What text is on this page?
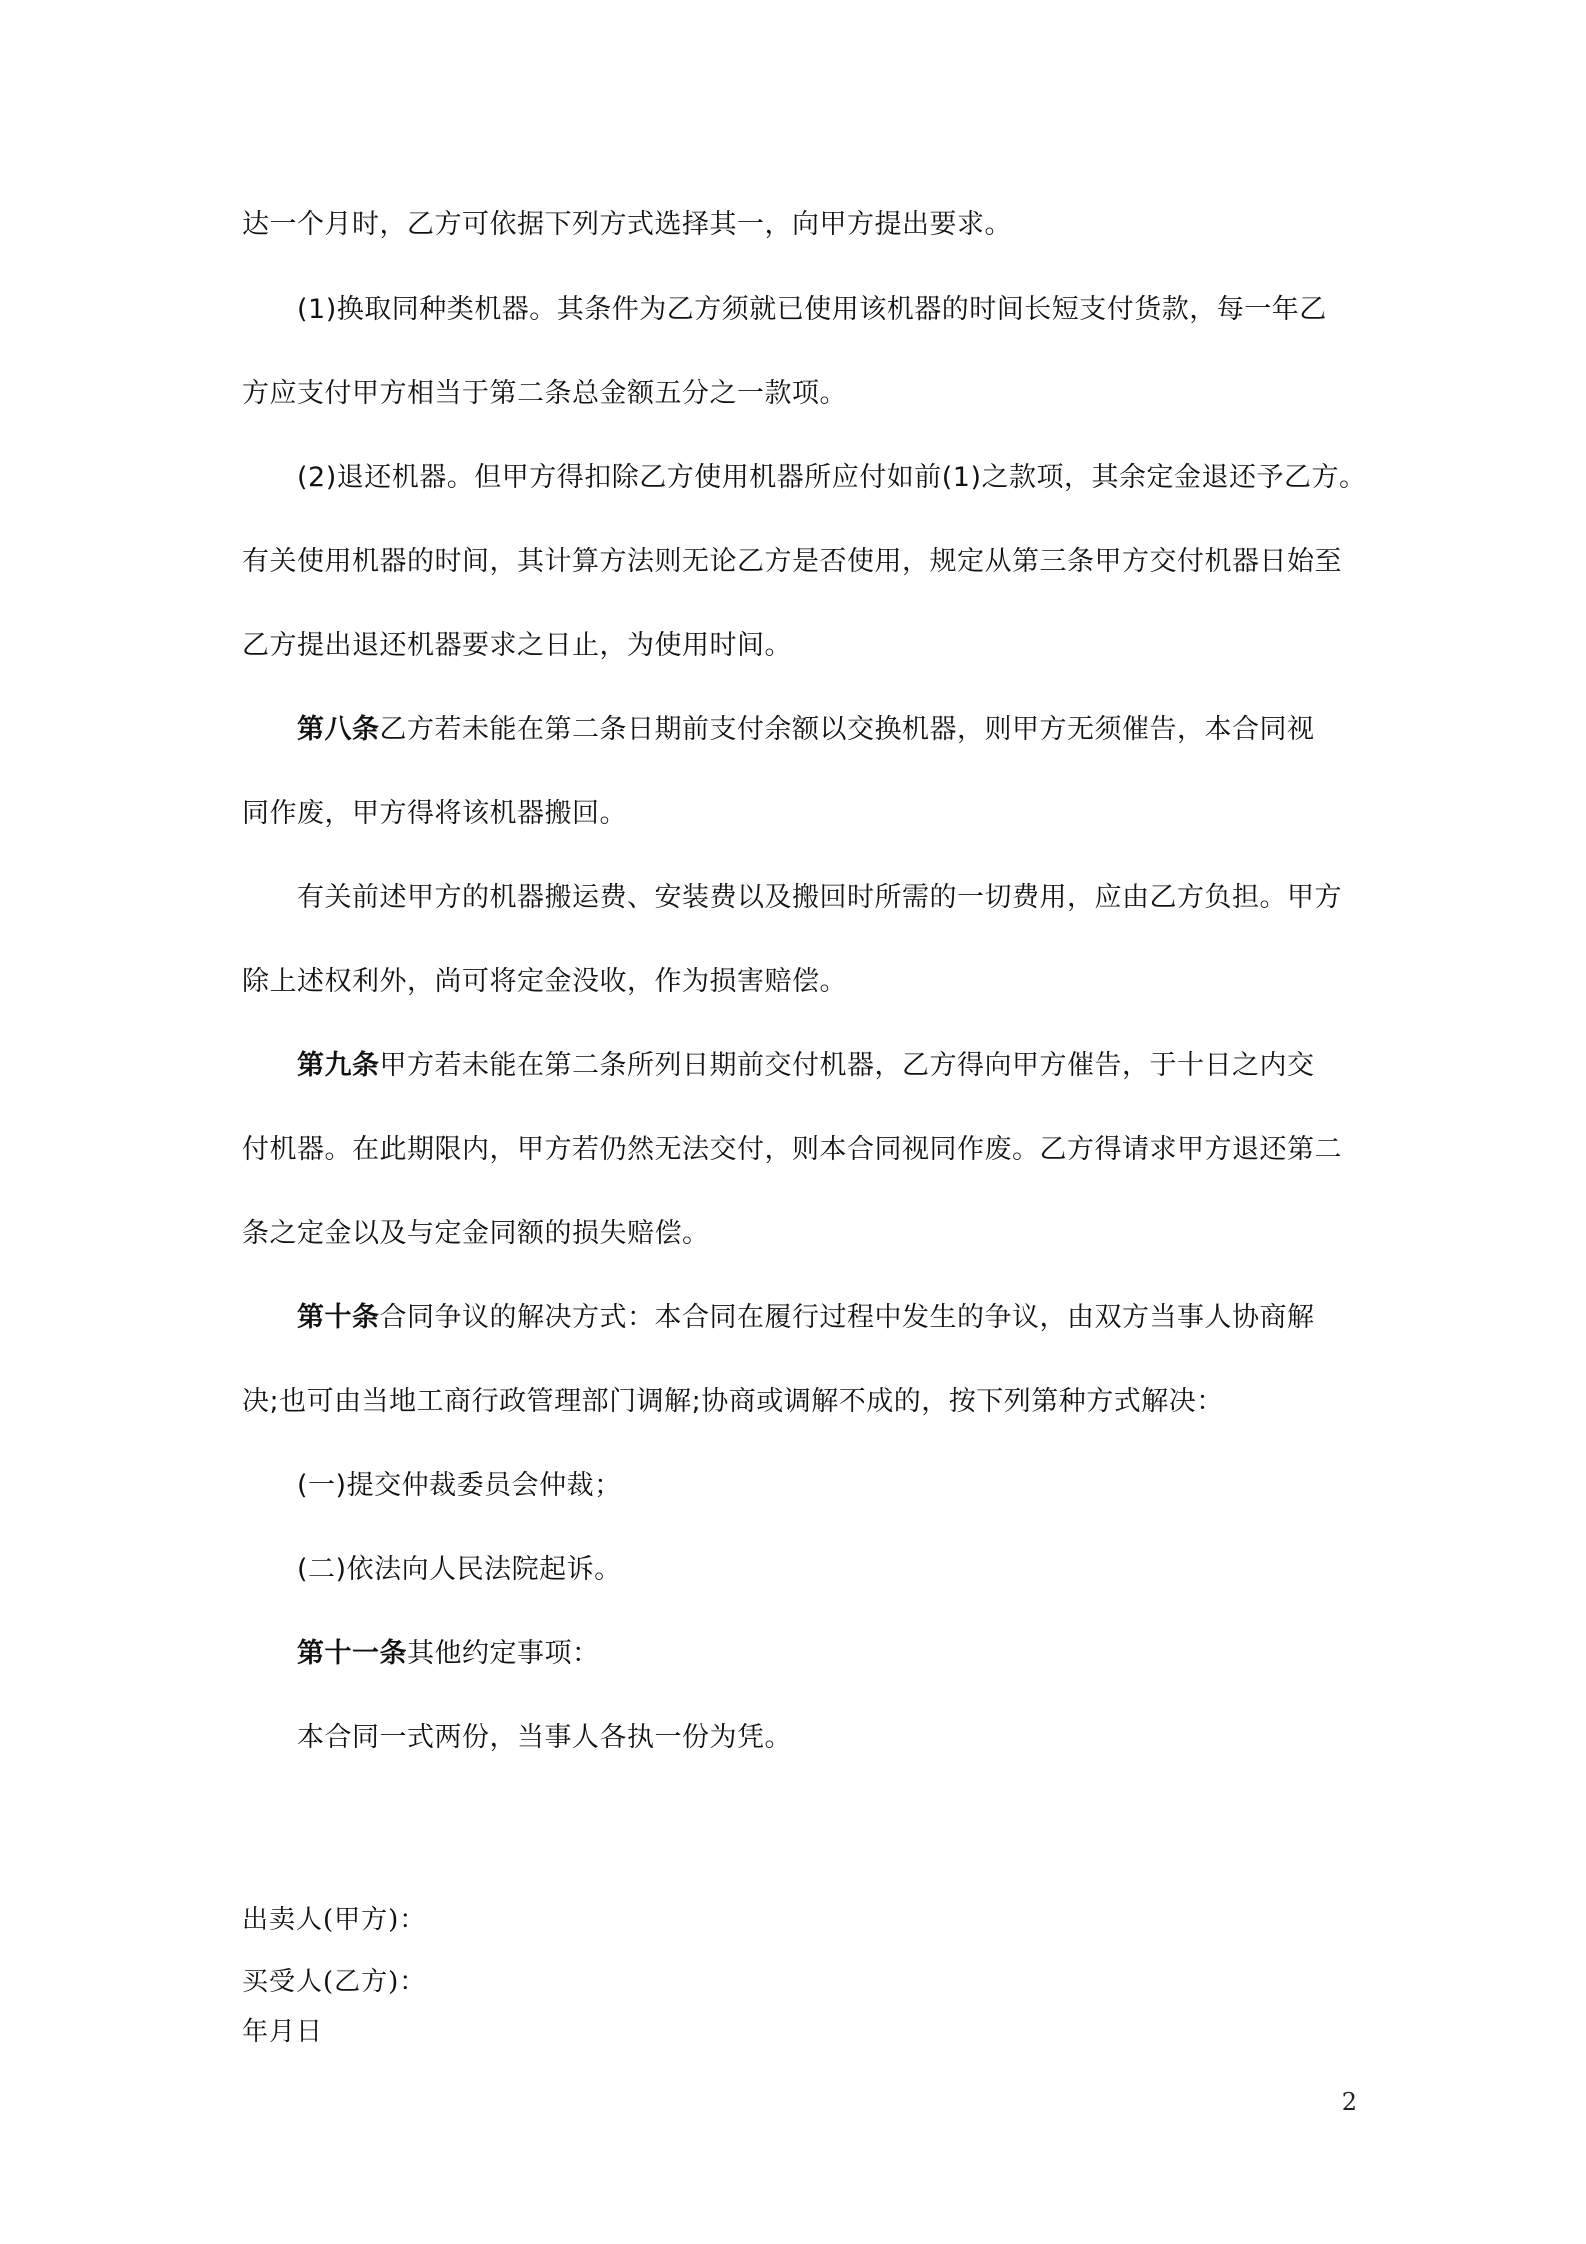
达一个月时，乙方可依据下列方式选择其一，向甲方提出要求。
(1)换取同种类机器。其条件为乙方须就已使用该机器的时间长短支付货款，每一年乙
方应支付甲方相当于第二条总金额五分之一款项。
(2)退还机器。但甲方得扣除乙方使用机器所应付如前(1)之款项，其余定金退还予乙方。
有关使用机器的时间，其计算方法则无论乙方是否使用，规定从第三条甲方交付机器日始至
乙方提出退还机器要求之日止，为使用时间。
第八条乙方若未能在第二条日期前支付余额以交换机器，则甲方无须催告，本合同视
同作废，甲方得将该机器搬回。
有关前述甲方的机器搬运费、安装费以及搬回时所需的一切费用，应由乙方负担。甲方
除上述权利外，尚可将定金没收，作为损害赔偿。
第九条甲方若未能在第二条所列日期前交付机器，乙方得向甲方催告，于十日之内交
付机器。在此期限内，甲方若仍然无法交付，则本合同视同作废。乙方得请求甲方退还第二
条之定金以及与定金同额的损失赔偿。
第十条合同争议的解决方式：本合同在履行过程中发生的争议，由双方当事人协商解
决;也可由当地工商行政管理部门调解;协商或调解不成的，按下列第种方式解决：
(一)提交仲裁委员会仲裁；
(二)依法向人民法院起诉。
第十一条其他约定事项：
本合同一式两份，当事人各执一份为凭。
出卖人(甲方)：
买受人(乙方)：
年月日
2
